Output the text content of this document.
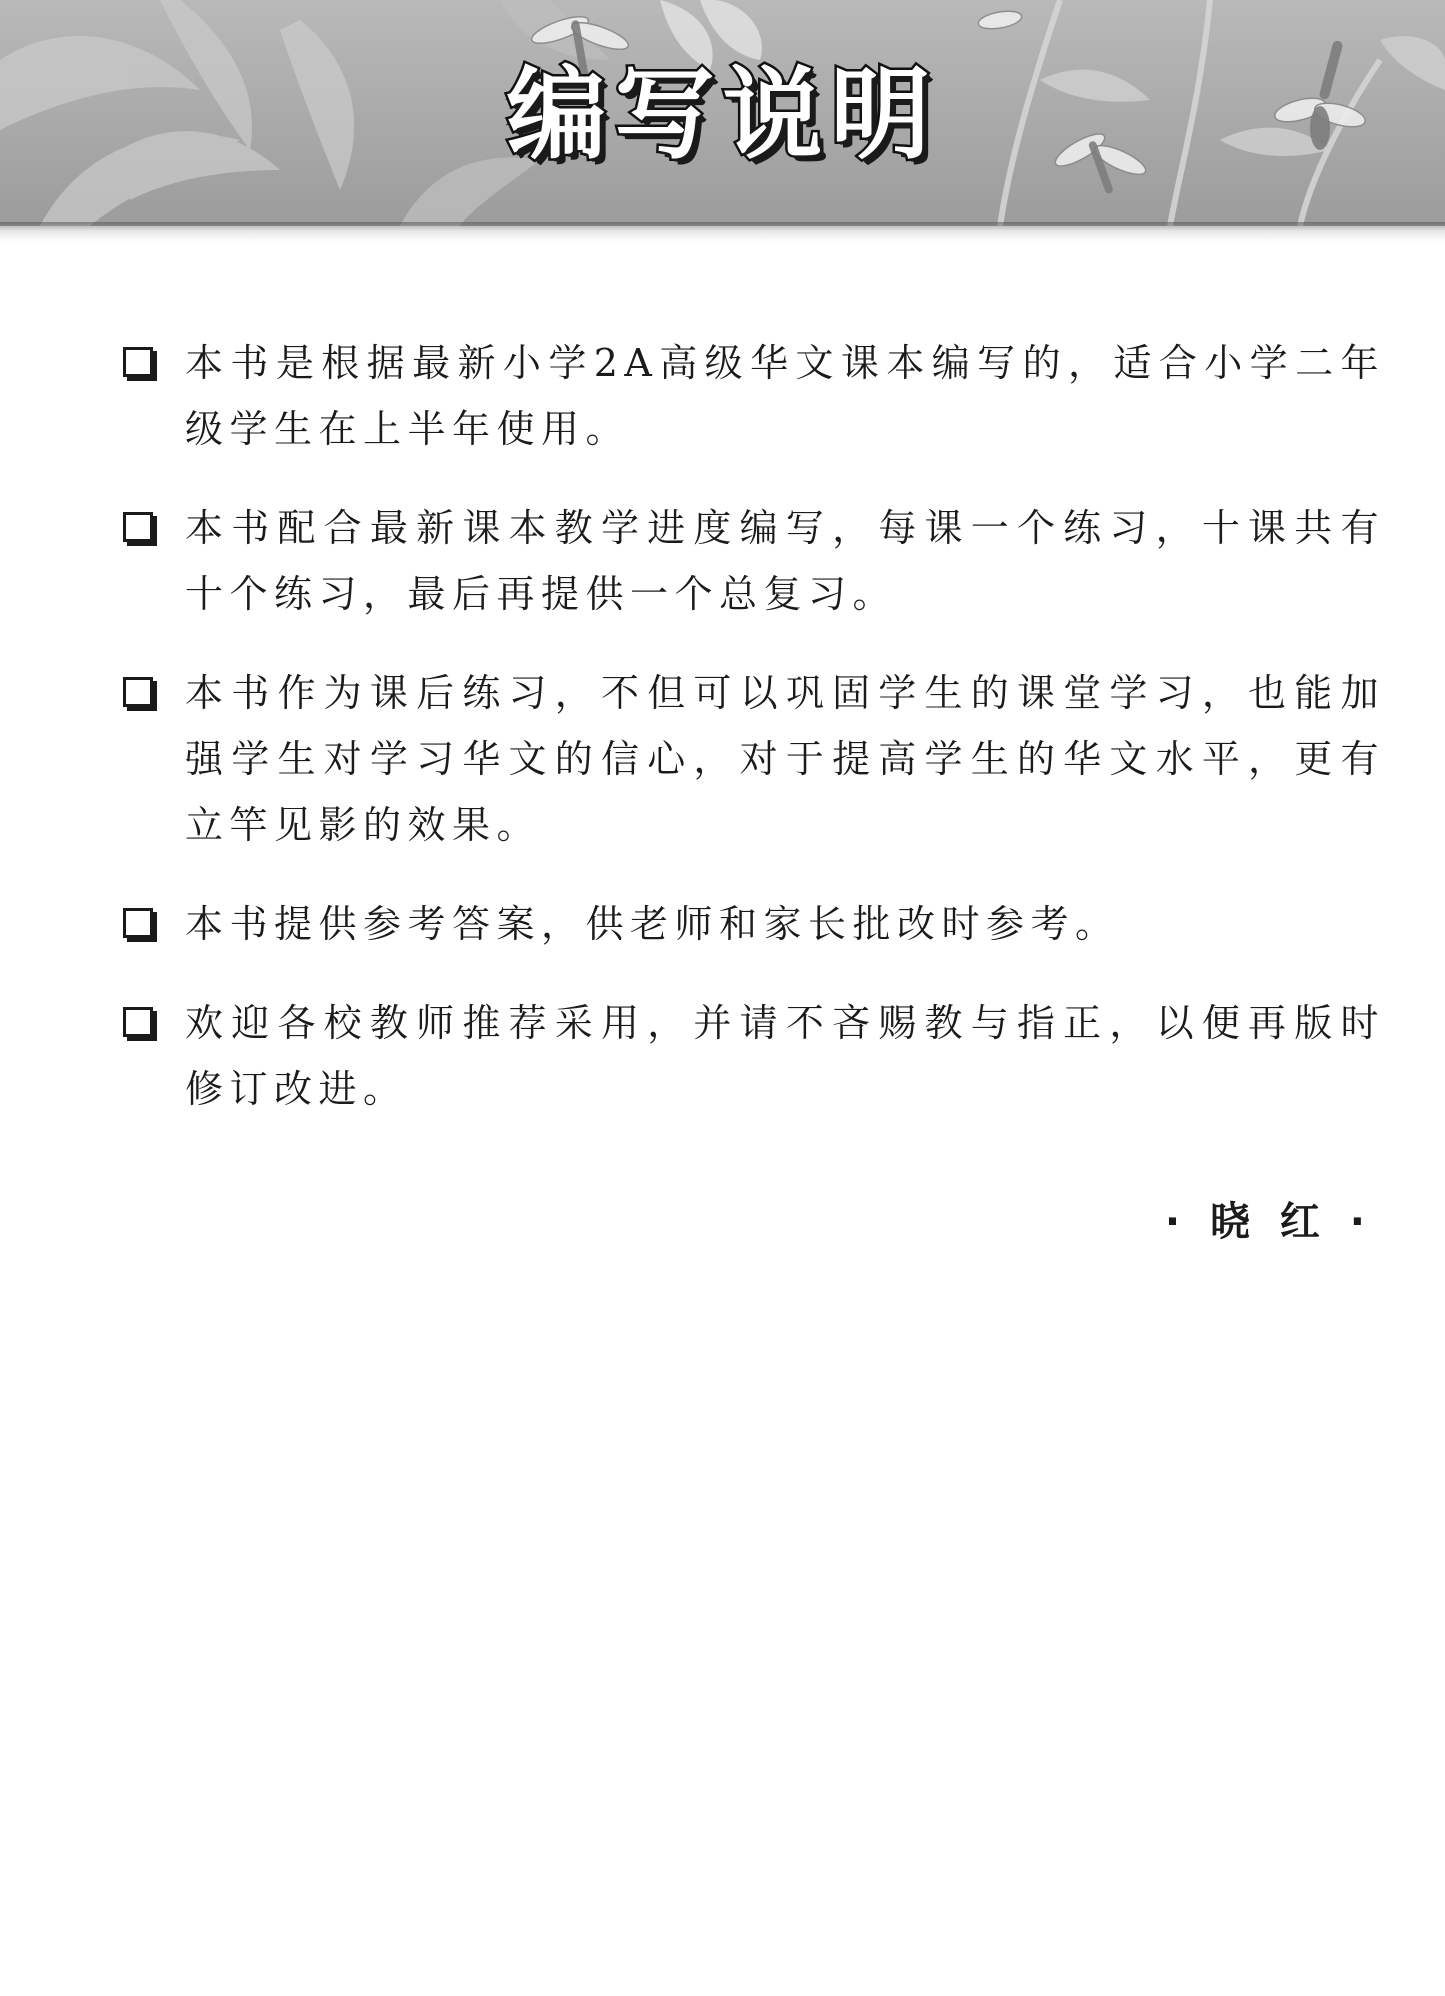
编写说明
本书是根据最新小学2A高级华文课本编写的，适合小学二年级学生在上半年使用。
本书配合最新课本教学进度编写，每课一个练习，十课共有十个练习，最后再提供一个总复习。
本书作为课后练习，不但可以巩固学生的课堂学习，也能加强学生对学习华文的信心，对于提高学生的华文水平，更有立竿见影的效果。
本书提供参考答案，供老师和家长批改时参考。
欢迎各校教师推荐采用，并请不吝赐教与指正，以便再版时修订改进。
· 晓 红 ·
